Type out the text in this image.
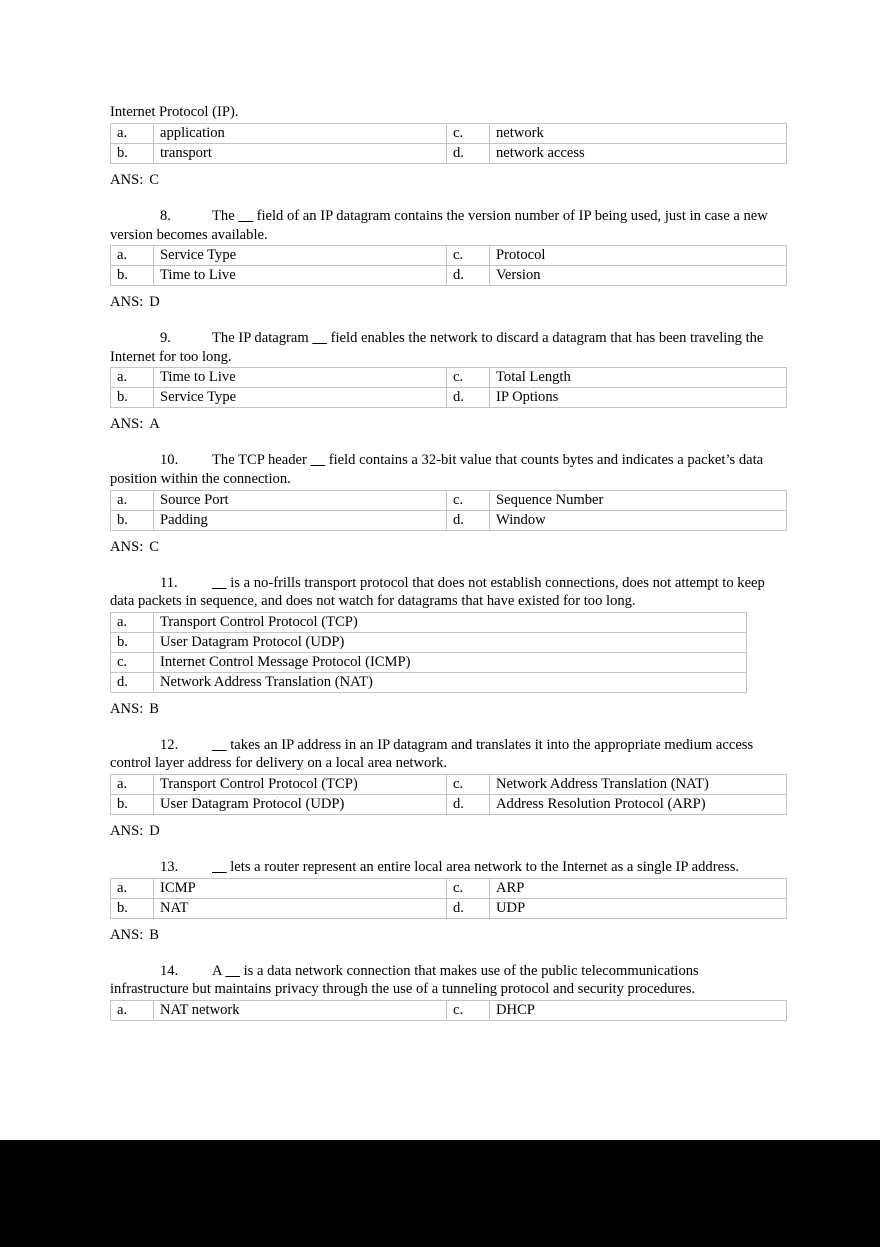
Internet Protocol (IP).

a.	application	c.	network
b.	transport	d.	network access

ANS: C

8.	The      field of an IP datagram contains the version number of IP being used, just in case a new version becomes available.

a.	Service Type	c.	Protocol
b.	Time to Live	d.	Version

ANS: D

9.	The IP datagram      field enables the network to discard a datagram that has been traveling the Internet for too long.

a.	Time to Live	c.	Total Length
b.	Service Type	d.	IP Options

ANS: A

10. The TCP header      field contains a 32-bit value that counts bytes and indicates a packet’s data position within the connection.

a.	Source Port	c.	Sequence Number
b.	Padding	d.	Window

ANS: C

11.	is a no-frills transport protocol that does not establish connections, does not attempt to keep data packets in sequence, and does not watch for datagrams that have existed for too long.

a.	Transport Control Protocol (TCP)
b.	User Datagram Protocol (UDP)
c.	Internet Control Message Protocol (ICMP)
d.	Network Address Translation (NAT)

ANS: B

12.	takes an IP address in an IP datagram and translates it into the appropriate medium access control layer address for delivery on a local area network.

a.	Transport Control Protocol (TCP)	c.	Network Address Translation (NAT)
b.	User Datagram Protocol (UDP)	d.	Address Resolution Protocol (ARP)

ANS: D

13.	lets a router represent an entire local area network to the Internet as a single IP address.

a.	ICMP	c.	ARP
b.	NAT	d.	UDP

ANS: B

14. A      is a data network connection that makes use of the public telecommunications infrastructure but maintains privacy through the use of a tunneling protocol and security procedures.

a.	NAT network	c.	DHCP
